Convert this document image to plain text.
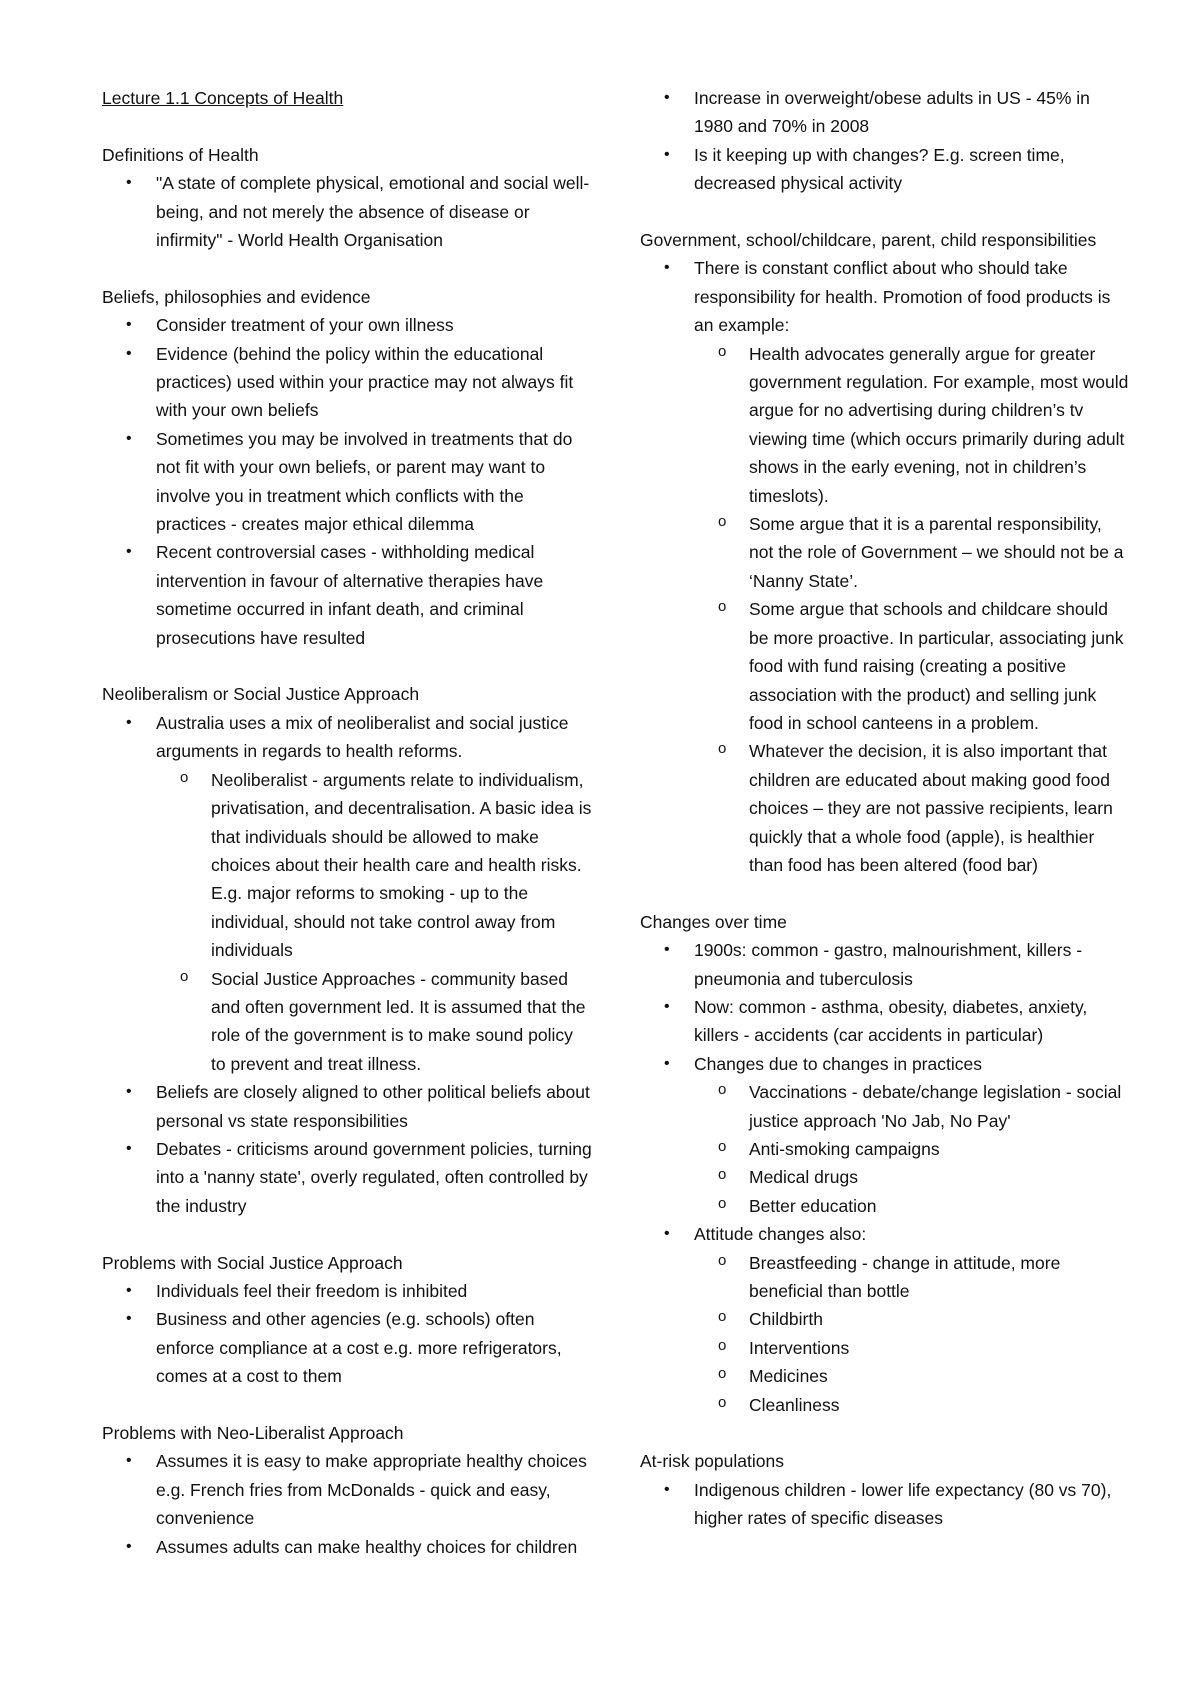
Lecture 1.1 Concepts of Health

Definitions of Health

• "A state of complete physical, emotional and social well-being, and not merely the absence of disease or infirmity" - World Health Organisation

Beliefs, philosophies and evidence

• Consider treatment of your own illness
• Evidence (behind the policy within the educational practices) used within your practice may not always fit with your own beliefs
• Sometimes you may be involved in treatments that do not fit with your own beliefs, or parent may want to involve you in treatment which conflicts with the practices - creates major ethical dilemma
• Recent controversial cases - withholding medical intervention in favour of alternative therapies have sometime occurred in infant death, and criminal prosecutions have resulted

Neoliberalism or Social Justice Approach

• Australia uses a mix of neoliberalist and social justice arguments in regards to health reforms.
o Neoliberalist - arguments relate to individualism, privatisation, and decentralisation. A basic idea is that individuals should be allowed to make choices about their health care and health risks. E.g. major reforms to smoking - up to the individual, should not take control away from individuals
o Social Justice Approaches - community based and often government led. It is assumed that the role of the government is to make sound policy to prevent and treat illness.
• Beliefs are closely aligned to other political beliefs about personal vs state responsibilities
• Debates - criticisms around government policies, turning into a 'nanny state', overly regulated, often controlled by the industry

Problems with Social Justice Approach

• Individuals feel their freedom is inhibited
• Business and other agencies (e.g. schools) often enforce compliance at a cost e.g. more refrigerators, comes at a cost to them

Problems with Neo-Liberalist Approach

• Assumes it is easy to make appropriate healthy choices e.g. French fries from McDonalds - quick and easy, convenience
• Assumes adults can make healthy choices for children
• Increase in overweight/obese adults in US - 45% in 1980 and 70% in 2008
• Is it keeping up with changes? E.g. screen time, decreased physical activity

Government, school/childcare, parent, child responsibilities

• There is constant conflict about who should take responsibility for health. Promotion of food products is an example:
o Health advocates generally argue for greater government regulation. For example, most would argue for no advertising during children’s tv viewing time (which occurs primarily during adult shows in the early evening, not in children’s timeslots).
o Some argue that it is a parental responsibility, not the role of Government – we should not be a ‘Nanny State’.
o Some argue that schools and childcare should be more proactive. In particular, associating junk food with fund raising (creating a positive association with the product) and selling junk food in school canteens in a problem.
o Whatever the decision, it is also important that children are educated about making good food choices – they are not passive recipients, learn quickly that a whole food (apple), is healthier than food has been altered (food bar)

Changes over time

• 1900s: common - gastro, malnourishment, killers - pneumonia and tuberculosis
• Now: common - asthma, obesity, diabetes, anxiety, killers - accidents (car accidents in particular)
• Changes due to changes in practices
o Vaccinations - debate/change legislation - social justice approach 'No Jab, No Pay'
o Anti-smoking campaigns
o Medical drugs
o Better education
• Attitude changes also:
o Breastfeeding - change in attitude, more beneficial than bottle
o Childbirth
o Interventions
o Medicines
o Cleanliness

At-risk populations

• Indigenous children - lower life expectancy (80 vs 70), higher rates of specific diseases
